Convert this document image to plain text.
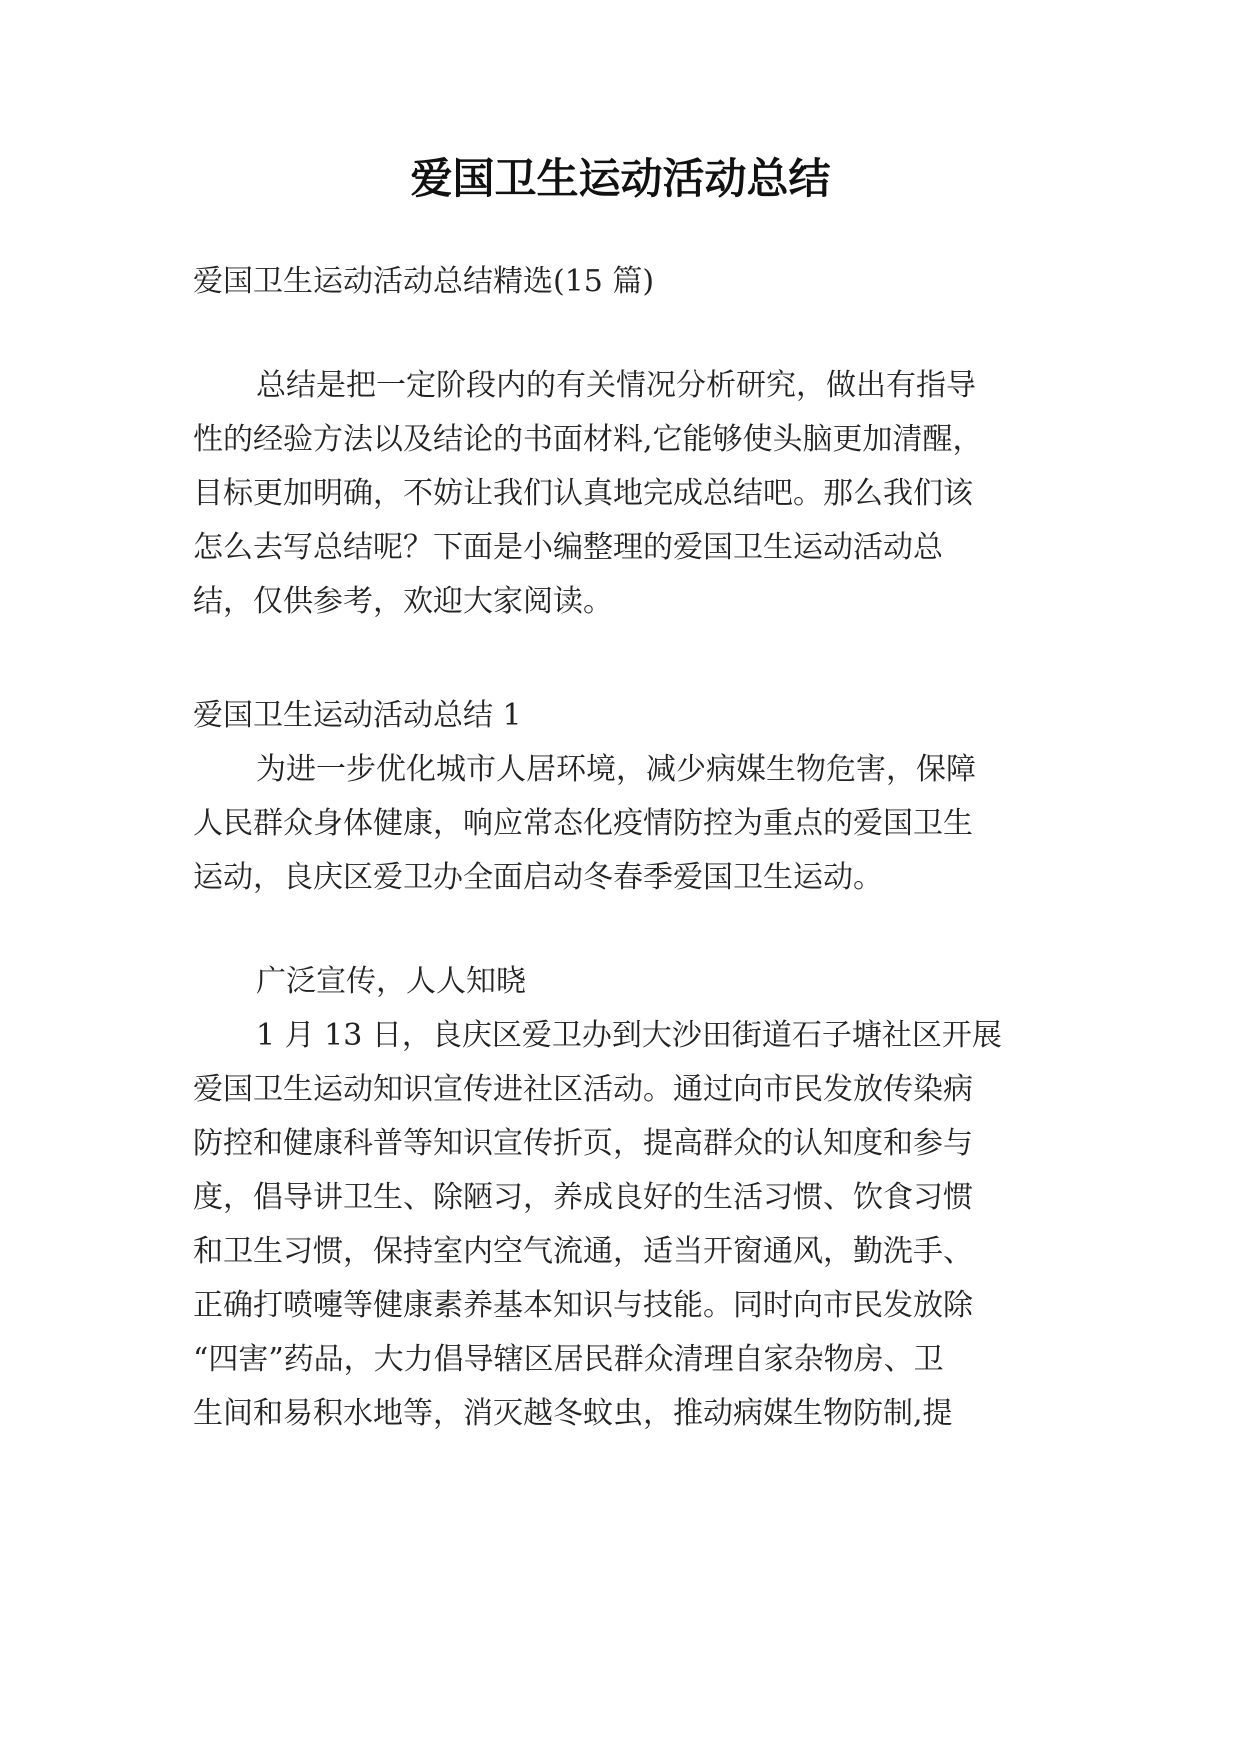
爱国卫生运动活动总结
爱国卫生运动活动总结精选(15 篇)
总结是把一定阶段内的有关情况分析研究，做出有指导
性的经验方法以及结论的书面材料,它能够使头脑更加清醒，
目标更加明确，不妨让我们认真地完成总结吧。那么我们该
怎么去写总结呢？下面是小编整理的爱国卫生运动活动总
结，仅供参考，欢迎大家阅读。
爱国卫生运动活动总结 1
为进一步优化城市人居环境，减少病媒生物危害，保障
人民群众身体健康，响应常态化疫情防控为重点的爱国卫生
运动，良庆区爱卫办全面启动冬春季爱国卫生运动。
广泛宣传，人人知晓
1 月 13 日，良庆区爱卫办到大沙田街道石子塘社区开展
爱国卫生运动知识宣传进社区活动。通过向市民发放传染病
防控和健康科普等知识宣传折页，提高群众的认知度和参与
度，倡导讲卫生、除陋习，养成良好的生活习惯、饮食习惯
和卫生习惯，保持室内空气流通，适当开窗通风，勤洗手、
正确打喷嚏等健康素养基本知识与技能。同时向市民发放除
“四害”药品，大力倡导辖区居民群众清理自家杂物房、卫
生间和易积水地等，消灭越冬蚊虫，推动病媒生物防制,提
